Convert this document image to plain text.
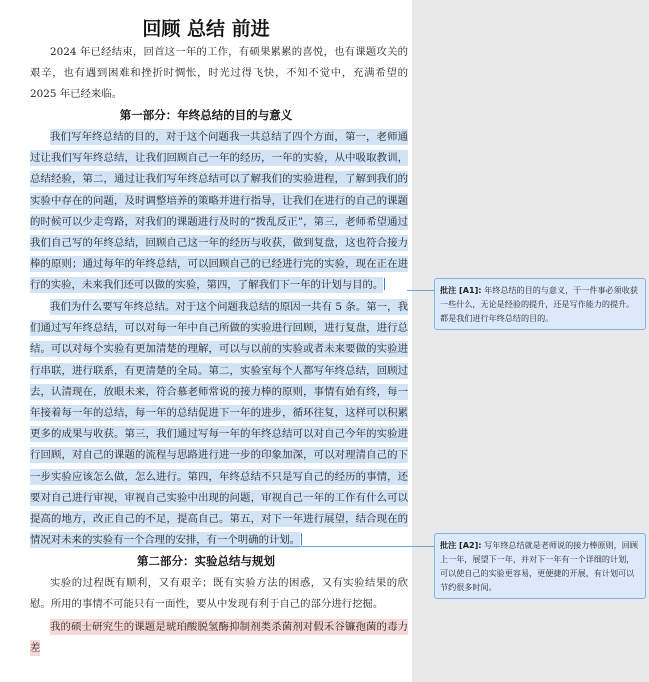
回顾 总结 前进

2024 年已经结束，回首这一年的工作，有硕果累累的喜悦，也有课题攻关的艰辛，也有遇到困难和挫折时惆怅，时光过得飞快，不知不觉中，充满希望的 2025 年已经来临。

第一部分：年终总结的目的与意义

我们写年终总结的目的，对于这个问题我一共总结了四个方面，第一，老师通过让我们写年终总结，让我们回顾自己一年的经历，一年的实验，从中吸取教训，总结经验，第二，通过让我们写年终总结可以了解我们的实验进程，了解到我们的实验中存在的问题，及时调整培养的策略并进行指导，让我们在进行的自己的课题的时候可以少走弯路，对我们的课题进行及时的“拨乱反正”，第三，老师希望通过我们自己写的年终总结，回顾自己这一年的经历与收获，做到复盘，这也符合接力棒的原则；通过每年的年终总结，可以回顾自己的已经进行完的实验，现在正在进行的实验，未来我们还可以做的实验，第四，了解我们下一年的计划与目的。

我们为什么要写年终总结。对于这个问题我总结的原因一共有 5 条。第一，我们通过写年终总结，可以对每一年中自己所做的实验进行回顾，进行复盘，进行总结。可以对每个实验有更加清楚的理解，可以与以前的实验或者未来要做的实验进行串联，进行联系，有更清楚的全局。第二，实验室每个人都写年终总结，回顾过去，认清现在，放眼未来，符合慕老师常说的接力棒的原则，事情有始有终，每一年接着每一年的总结，每一年的总结促进下一年的进步，循环往复，这样可以积累更多的成果与收获。第三，我们通过写每一年的年终总结可以对自己今年的实验进行回顾，对自己的课题的流程与思路进行进一步的印象加深，可以对理清自己的下一步实验应该怎么做，怎么进行。第四，年终总结不只是写自己的经历的事情，还要对自己进行审视，审视自己实验中出现的问题，审视自己一年的工作有什么可以提高的地方，改正自己的不足，提高自己。第五，对下一年进行展望，结合现在的情况对未来的实验有一个合理的安排，有一个明确的计划。

第二部分：实验总结与规划

实验的过程既有顺利，又有艰辛；既有实验方法的困惑，又有实验结果的欣慰。所用的事情不可能只有一面性，要从中发现有利于自己的部分进行挖掘。

我的硕士研究生的课题是琥珀酸脱氢酶抑制剂类杀菌剂对假禾谷镰孢菌的毒力差

批注 [A1]: 年终总结的目的与意义，干一件事必须收获一些什么，无论是经验的提升，还是写作能力的提升。都是我们进行年终总结的目的。
批注 [A2]: 写年终总结就是老师说的接力棒原则，回顾上一年，展望下一年，并对下一年有一个详细的计划，可以使自己的实验更容易，更便捷的开展，有计划可以节约很多时间。
